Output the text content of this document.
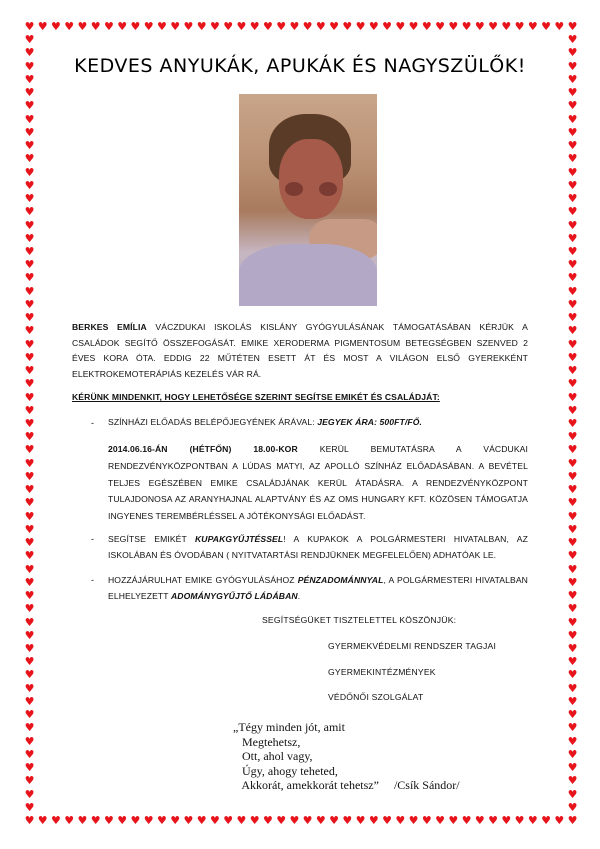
♥
♥
♥
♥
♥
♥
♥
♥
♥
♥
♥
♥
♥
♥
♥
♥
♥
♥
♥
♥
♥
♥
♥
♥
♥
♥
♥
♥
♥
♥
♥
♥
♥
♥
♥
♥
♥
♥
♥
♥
♥
♥
♥
♥
♥
♥
♥
♥
♥
♥
♥
♥
♥
♥
♥
♥
♥
♥
♥
♥
♥
♥
♥
♥
♥
♥
♥
♥
♥
♥
♥
♥
♥
♥
♥
♥
♥
♥
♥
♥
♥
♥
♥
♥
♥	♥
♥	♥
♥	♥
♥	♥
♥	♥
♥	♥
♥	♥
♥	♥
♥	♥
♥	♥
♥	♥
♥	♥
♥	♥
♥	♥
♥	♥
♥	♥
♥	♥
♥	♥
♥	♥
♥	♥
♥	♥
♥	♥
♥	♥
♥	♥
♥	♥
♥	♥
♥	♥
♥	♥
♥	♥
♥	♥
♥	♥
♥	♥
♥	♥
♥	♥
♥	♥
♥	♥
♥	♥
♥	♥
♥	♥
♥	♥
♥	♥
♥	♥
♥	♥
♥	♥
♥	♥
♥	♥
♥	♥
♥	♥
♥	♥
♥	♥
♥	♥
♥	♥
♥	♥
♥	♥
♥	♥
♥	♥
♥	♥
♥	♥
♥	♥
KEDVES ANYUKÁK, APUKÁK ÉS NAGYSZÜLŐK!
BERKES EMÍLIA VÁCZDUKAI ISKOLÁS KISLÁNY GYÓGYULÁSÁNAK TÁMOGATÁSÁBAN KÉRJÜK A CSALÁDOK SEGÍTŐ ÖSSZEFOGÁSÁT. EMIKE XERODERMA PIGMENTOSUM BETEGSÉGBEN SZENVED 2 ÉVES KORA ÓTA. EDDIG 22 MŰTÉTEN ESETT ÁT ÉS MOST A VILÁGON ELSŐ GYEREKKÉNT ELEKTROKEMOTERÁPIÁS KEZELÉS VÁR RÁ.
KÉRÜNK MINDENKIT, HOGY LEHETŐSÉGE SZERINT SEGÍTSE EMIKÉT ÉS CSALÁDJÁT:
- SZÍNHÁZI ELŐADÁS BELÉPŐJEGYÉNEK ÁRÁVAL: JEGYEK ÁRA: 500FT/FŐ.
2014.06.16-ÁN (HÉTFŐN) 18.00-KOR KERÜL BEMUTATÁSRA A VÁCDUKAI RENDEZVÉNYKÖZPONTBAN A LÚDAS MATYI, AZ APOLLÓ SZÍNHÁZ ELŐADÁSÁBAN. A BEVÉTEL TELJES EGÉSZÉBEN EMIKE CSALÁDJÁNAK KERÜL ÁTADÁSRA. A RENDEZVÉNYKÖZPONT TULAJDONOSA AZ ARANYHAJNAL ALAPTVÁNY ÉS AZ OMS HUNGARY KFT. KÖZÖSEN TÁMOGATJA INGYENES TEREMBÉRLÉSSEL A JÓTÉKONYSÁGI ELŐADÁST.
- SEGÍTSE EMIKÉT KUPAKGYŰJTÉSSEL! A KUPAKOK A POLGÁRMESTERI HIVATALBAN, AZ ISKOLÁBAN ÉS ÓVODÁBAN ( NYITVATARTÁSI RENDJÜKNEK MEGFELELŐEN) ADHATÓAK LE.
- HOZZÁJÁRULHAT EMIKE GYÓGYULÁSÁHOZ PÉNZADOMÁNNYAL, A POLGÁRMESTERI HIVATALBAN ELHELYEZETT ADOMÁNYGYŰJTŐ LÁDÁBAN.
SEGÍTSÉGÜKET TISZTELETTEL KÖSZÖNJÜK:
GYERMEKVÉDELMI RENDSZER TAGJAI
GYERMEKINTÉZMÉNYEK
VÉDŐNŐI SZOLGÁLAT
„Tégy minden jót, amit
Megtehetsz,
Ott, ahol vagy,
Úgy, ahogy teheted,
Akkorát, amekkorát tehetsz”     /Csík Sándor/
